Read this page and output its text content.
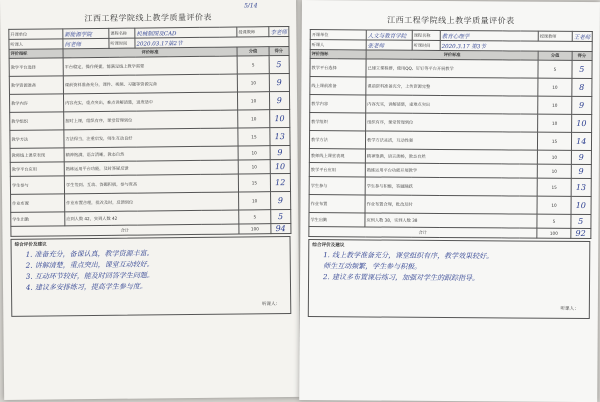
5/14
江西工程学院线上教学质量评价表
开课单位	新能源学院	课程名称	机械制图及CAD	授课教师	李老师
听课人	何老师	听课时间	2020.03.17第2节		
评价指标	评价标准			分值	得分
教学平台选择	平台稳定，操作便捷，能满足线上教学需要			5	5
教学资源准备	课前资料准备充分，课件、视频、习题等资源完备			10	9
教学内容	内容充实，重点突出，难点讲解清楚，进度适中			10	9
教学组织	按时上课，组织有序，课堂管理到位			10	10
教学方法	方法得当，注重启发，师生互动良好			15	13
教师线上课堂表现	精神饱满，语言清晰，教态自然			10	9
教学平台应用	熟练运用平台功能，及时答疑反馈			10	10
学生参与	学生签到、互动、答题积极，参与度高			15	12
作业布置	作业布置合理，批改及时，反馈到位			10	9
学生出勤	应到人数 42，实到人数 42			5	5
合计				100	94
综合评价及建议
1. 准备充分，备课认真，教学资源丰富。
2. 讲解清楚，重点突出，课堂互动较好。
3. 互动环节较好，能及时回答学生问题。
4. 建议多安排练习，提高学生参与度。
听课人：
江西工程学院线上教学质量评价表
开课单位	人文与教育学院	课程名称	教育心理学	授课教师	王老师
听课人	张老师	听课时间	2020.3.17 第3节		
评价指标	评价标准			分值	得分
教学平台选择	已建立课程群，使用QQ、钉钉等平台开展教学			5	5
线上课前准备	课前资料准备充分，上传资源完整			10	8
教学内容	内容充实，讲解清楚，重难点突出			10	9
教学组织	组织有序，课堂管理到位			10	10
教学方法	教学方法灵活，互动性强			15	14
教师线上课堂表现	精神饱满，语言流畅，教态自然			10	9
教学平台应用	熟练运用平台功能开展教学			10	9
学生参与	学生参与积极，答题踊跃			15	13
作业布置	作业布置合理，批改及时			10	10
学生出勤	应到人数 38，实到人数 38			5	5
合计				100	92
综合评价及建议
1. 线上教学准备充分，课堂组织有序，教学效果较好。
师生互动频繁，学生参与积极。
2. 建议多布置课后练习，加强对学生的跟踪指导。
听课人：
